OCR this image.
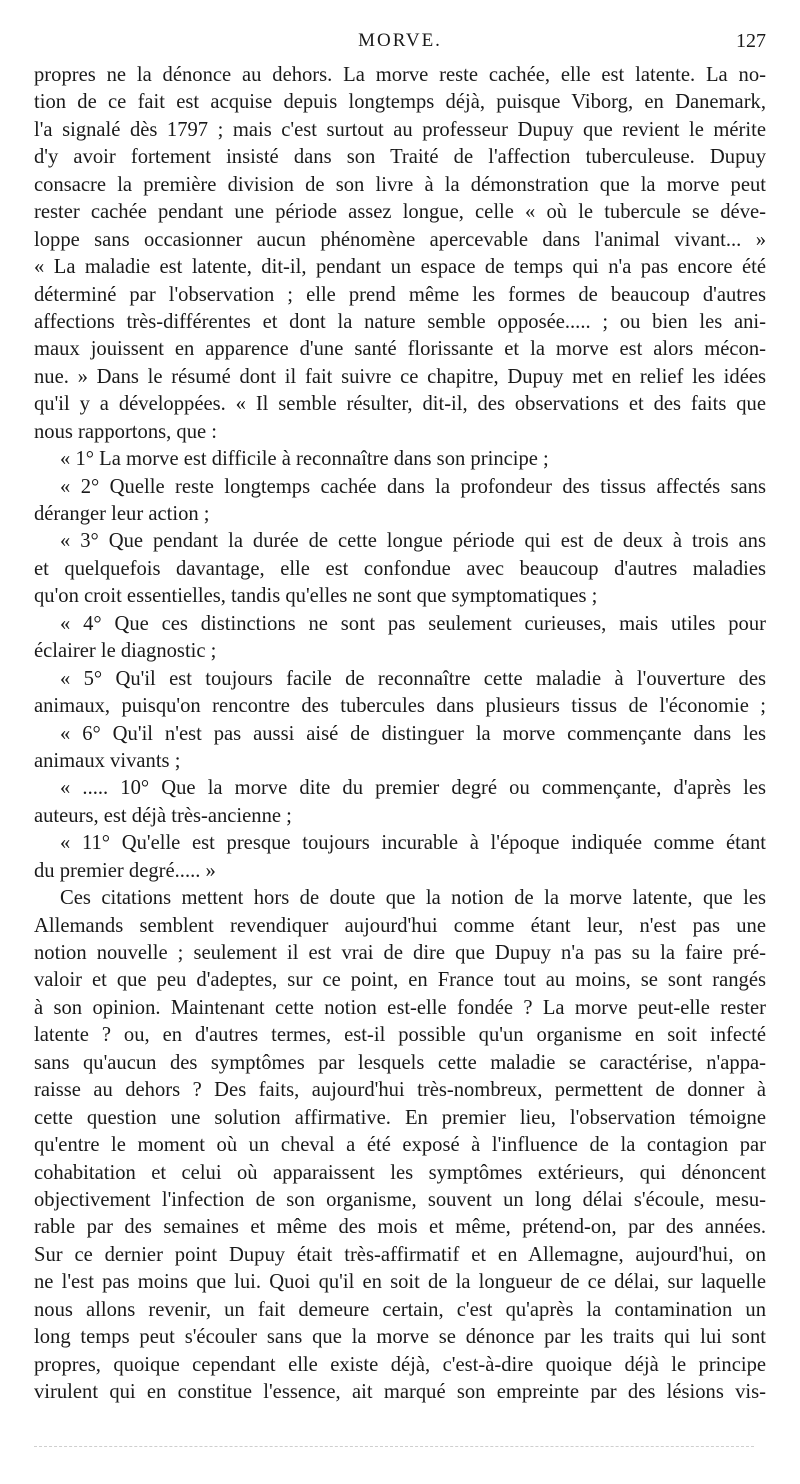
MORVE.	127
propres ne la dénonce au dehors. La morve reste cachée, elle est latente. La no-
tion de ce fait est acquise depuis longtemps déjà, puisque Viborg, en Danemark,
l'a signalé dès 1797 ; mais c'est surtout au professeur Dupuy que revient le mérite
d'y avoir fortement insisté dans son Traité de l'affection tuberculeuse. Dupuy
consacre la première division de son livre à la démonstration que la morve peut
rester cachée pendant une période assez longue, celle « où le tubercule se déve-
loppe sans occasionner aucun phénomène apercevable dans l'animal vivant... »
« La maladie est latente, dit-il, pendant un espace de temps qui n'a pas encore été
déterminé par l'observation ; elle prend même les formes de beaucoup d'autres
affections très-différentes et dont la nature semble opposée..... ; ou bien les ani-
maux jouissent en apparence d'une santé florissante et la morve est alors mécon-
nue. » Dans le résumé dont il fait suivre ce chapitre, Dupuy met en relief les idées
qu'il y a développées. « Il semble résulter, dit-il, des observations et des faits que
nous rapportons, que :
« 1° La morve est difficile à reconnaître dans son principe ;
« 2° Quelle reste longtemps cachée dans la profondeur des tissus affectés sans
déranger leur action ;
« 3° Que pendant la durée de cette longue période qui est de deux à trois ans
et quelquefois davantage, elle est confondue avec beaucoup d'autres maladies
qu'on croit essentielles, tandis qu'elles ne sont que symptomatiques ;
« 4° Que ces distinctions ne sont pas seulement curieuses, mais utiles pour
éclairer le diagnostic ;
« 5° Qu'il est toujours facile de reconnaître cette maladie à l'ouverture des
animaux, puisqu'on rencontre des tubercules dans plusieurs tissus de l'économie ;
« 6° Qu'il n'est pas aussi aisé de distinguer la morve commençante dans les
animaux vivants ;
« ..... 10° Que la morve dite du premier degré ou commençante, d'après les
auteurs, est déjà très-ancienne ;
« 11° Qu'elle est presque toujours incurable à l'époque indiquée comme étant
du premier degré..... »
Ces citations mettent hors de doute que la notion de la morve latente, que les
Allemands semblent revendiquer aujourd'hui comme étant leur, n'est pas une
notion nouvelle ; seulement il est vrai de dire que Dupuy n'a pas su la faire pré-
valoir et que peu d'adeptes, sur ce point, en France tout au moins, se sont rangés
à son opinion. Maintenant cette notion est-elle fondée ? La morve peut-elle rester
latente ? ou, en d'autres termes, est-il possible qu'un organisme en soit infecté
sans qu'aucun des symptômes par lesquels cette maladie se caractérise, n'appa-
raisse au dehors ? Des faits, aujourd'hui très-nombreux, permettent de donner à
cette question une solution affirmative. En premier lieu, l'observation témoigne
qu'entre le moment où un cheval a été exposé à l'influence de la contagion par
cohabitation et celui où apparaissent les symptômes extérieurs, qui dénoncent
objectivement l'infection de son organisme, souvent un long délai s'écoule, mesu-
rable par des semaines et même des mois et même, prétend-on, par des années.
Sur ce dernier point Dupuy était très-affirmatif et en Allemagne, aujourd'hui, on
ne l'est pas moins que lui. Quoi qu'il en soit de la longueur de ce délai, sur laquelle
nous allons revenir, un fait demeure certain, c'est qu'après la contamination un
long temps peut s'écouler sans que la morve se dénonce par les traits qui lui sont
propres, quoique cependant elle existe déjà, c'est-à-dire quoique déjà le principe
virulent qui en constitue l'essence, ait marqué son empreinte par des lésions vis-
